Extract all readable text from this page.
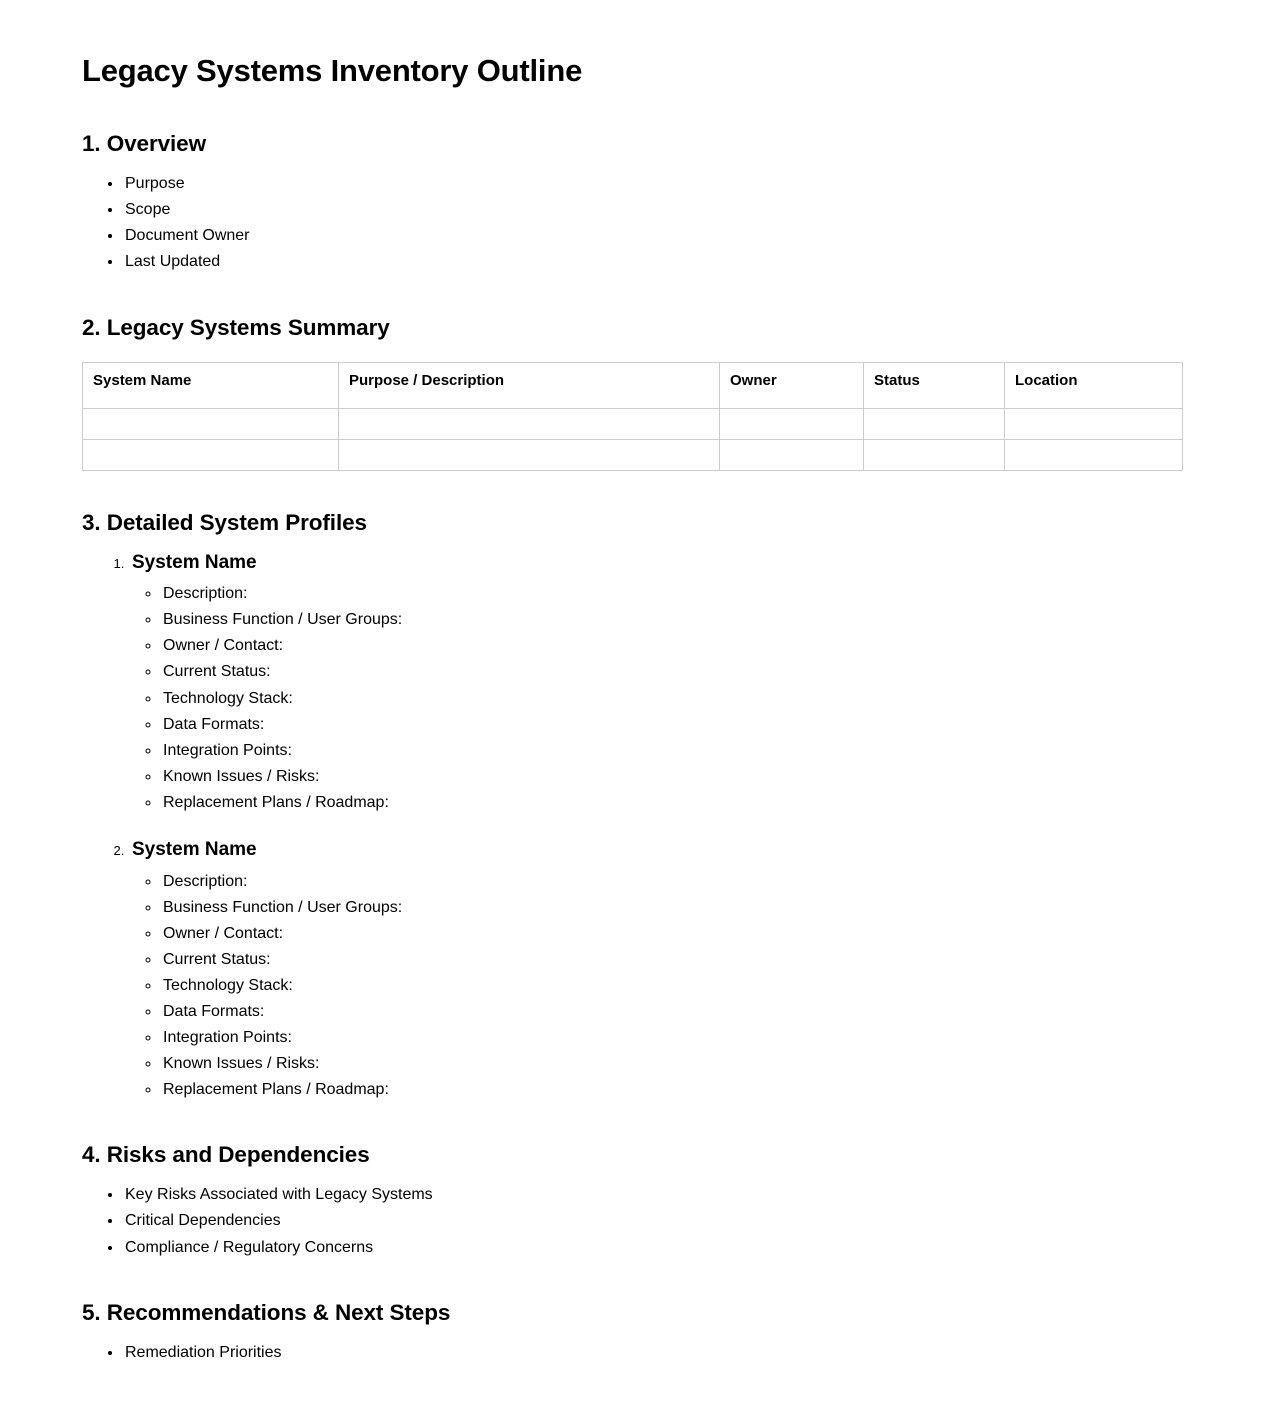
Legacy Systems Inventory Outline
1. Overview
• Purpose
• Scope
• Document Owner
• Last Updated
2. Legacy Systems Summary
System Name	Purpose / Description	Owner	Status	Location

3. Detailed System Profiles
1. System Name
◦ Description:
◦ Business Function / User Groups:
◦ Owner / Contact:
◦ Current Status:
◦ Technology Stack:
◦ Data Formats:
◦ Integration Points:
◦ Known Issues / Risks:
◦ Replacement Plans / Roadmap:
2. System Name
◦ Description:
◦ Business Function / User Groups:
◦ Owner / Contact:
◦ Current Status:
◦ Technology Stack:
◦ Data Formats:
◦ Integration Points:
◦ Known Issues / Risks:
◦ Replacement Plans / Roadmap:
4. Risks and Dependencies
• Key Risks Associated with Legacy Systems
• Critical Dependencies
• Compliance / Regulatory Concerns
5. Recommendations & Next Steps
• Remediation Priorities
